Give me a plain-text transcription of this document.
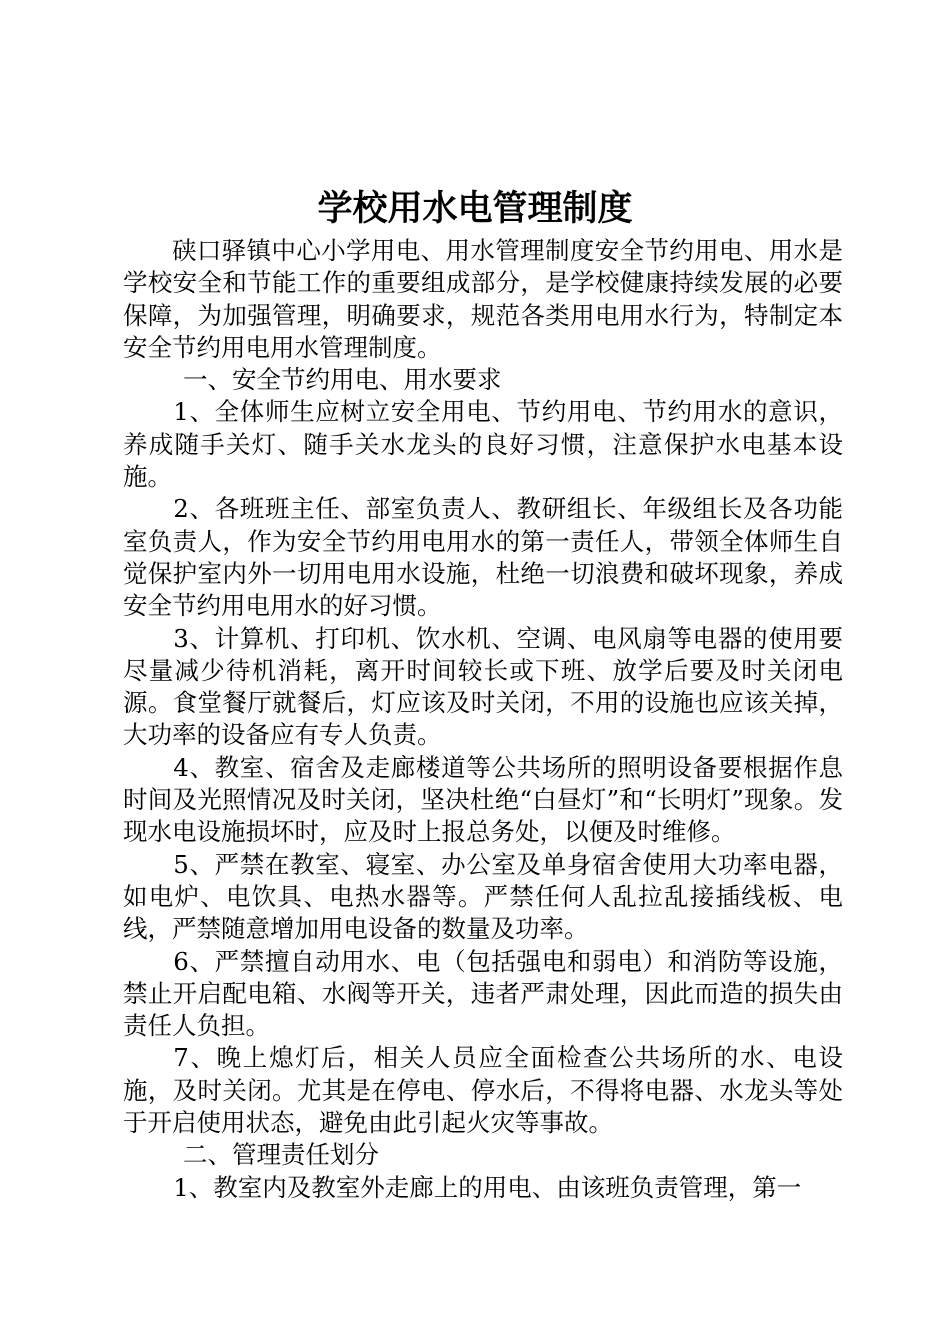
学校用水电管理制度

硖口驿镇中心小学用电、用水管理制度安全节约用电、用水是学校安全和节能工作的重要组成部分，是学校健康持续发展的必要保障，为加强管理，明确要求，规范各类用电用水行为，特制定本安全节约用电用水管理制度。

一、安全节约用电、用水要求

1、全体师生应树立安全用电、节约用电、节约用水的意识，养成随手关灯、随手关水龙头的良好习惯，注意保护水电基本设施。

2、各班班主任、部室负责人、教研组长、年级组长及各功能室负责人，作为安全节约用电用水的第一责任人，带领全体师生自觉保护室内外一切用电用水设施，杜绝一切浪费和破坏现象，养成安全节约用电用水的好习惯。

3、计算机、打印机、饮水机、空调、电风扇等电器的使用要尽量减少待机消耗，离开时间较长或下班、放学后要及时关闭电源。食堂餐厅就餐后，灯应该及时关闭，不用的设施也应该关掉，大功率的设备应有专人负责。

4、教室、宿舍及走廊楼道等公共场所的照明设备要根据作息时间及光照情况及时关闭，坚决杜绝“白昼灯”和“长明灯”现象。发现水电设施损坏时，应及时上报总务处，以便及时维修。

5、严禁在教室、寝室、办公室及单身宿舍使用大功率电器，如电炉、电饮具、电热水器等。严禁任何人乱拉乱接插线板、电线，严禁随意增加用电设备的数量及功率。

6、严禁擅自动用水、电（包括强电和弱电）和消防等设施，禁止开启配电箱、水阀等开关，违者严肃处理，因此而造的损失由责任人负担。

7、晚上熄灯后，相关人员应全面检查公共场所的水、电设施，及时关闭。尤其是在停电、停水后，不得将电器、水龙头等处于开启使用状态，避免由此引起火灾等事故。

二、管理责任划分

1、教室内及教室外走廊上的用电、由该班负责管理，第一
